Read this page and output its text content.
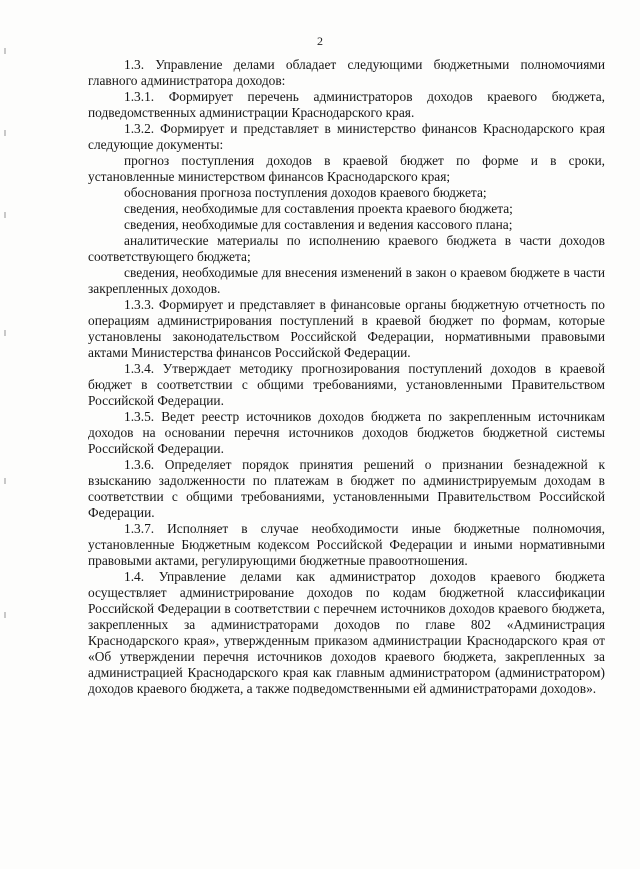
2

1.3. Управление делами обладает следующими бюджетными полномочиями главного администратора доходов:

1.3.1. Формирует перечень администраторов доходов краевого бюджета, подведомственных администрации Краснодарского края.

1.3.2. Формирует и представляет в министерство финансов Краснодарского края следующие документы:

прогноз поступления доходов в краевой бюджет по форме и в сроки, установленные министерством финансов Краснодарского края;

обоснования прогноза поступления доходов краевого бюджета;

сведения, необходимые для составления проекта краевого бюджета;

сведения, необходимые для составления и ведения кассового плана;

аналитические материалы по исполнению краевого бюджета в части доходов соответствующего бюджета;

сведения, необходимые для внесения изменений в закон о краевом бюджете в части закрепленных доходов.

1.3.3. Формирует и представляет в финансовые органы бюджетную отчетность по операциям администрирования поступлений в краевой бюджет по формам, которые установлены законодательством Российской Федерации, нормативными правовыми актами Министерства финансов Российской Федерации.

1.3.4. Утверждает методику прогнозирования поступлений доходов в краевой бюджет в соответствии с общими требованиями, установленными Правительством Российской Федерации.

1.3.5. Ведет реестр источников доходов бюджета по закрепленным источникам доходов на основании перечня источников доходов бюджетов бюджетной системы Российской Федерации.

1.3.6. Определяет порядок принятия решений о признании безнадежной к взысканию задолженности по платежам в бюджет по администрируемым доходам в соответствии с общими требованиями, установленными Правительством Российской Федерации.

1.3.7. Исполняет в случае необходимости иные бюджетные полномочия, установленные Бюджетным кодексом Российской Федерации и иными нормативными правовыми актами, регулирующими бюджетные правоотношения.

1.4. Управление делами как администратор доходов краевого бюджета осуществляет администрирование доходов по кодам бюджетной классификации Российской Федерации в соответствии с перечнем источников доходов краевого бюджета, закрепленных за администраторами доходов по главе 802 «Администрация Краснодарского края», утвержденным приказом администрации Краснодарского края от «Об утверждении перечня источников доходов краевого бюджета, закрепленных за администрацией Краснодарского края как главным администратором (администратором) доходов краевого бюджета, а также подведомственными ей администраторами доходов».
